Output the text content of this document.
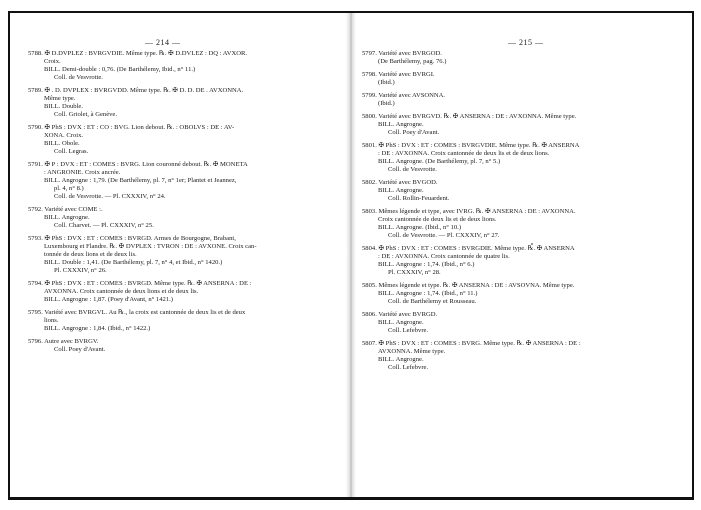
— 214 —	— 215 —
5788. ✠ D.DVPLEZ : BVRGVDIE. Même type. ℞. ✠ D.DVLEZ : DQ : AVXOR.
Croix.
BILL. Demi-double : 0,76. (De Barthélemy, Ibid., n° 11.)
Coll. de Vesvrotte.
5789. ✠ . D. DVPLEX : BVRGVDD. Même type. ℞. ✠ D. D. DE . AVXONNA.
Même type.
BILL. Double.
Coll. Griolet, à Genève.
5790. ✠ PhS : DVX : ET : CO : BVG. Lion debout. ℞. : OBOLVS : DE : AV-
XONA. Croix.
BILL. Obole.
Coll. Legras.
5791. ✠ P : DVX : ET : COMES : BVRG. Lion couronné debout. ℞. ✠ MONETA
: ANGRONIE. Croix ancrée.
BILL. Angrogne : 1,79. (De Barthélemy, pl. 7, n° 1er; Plantet et Jeannez,
pl. 4, n° 8.)
Coll. de Vesvrotte. — Pl. CXXXIV, n° 24.
5792. Variété avec COME :.
BILL. Angrogne.
Coll. Charvet. — Pl. CXXXIV, n° 25.
5793. ✠ PhS : DVX : ET : COMES : BVRGD. Armes de Bourgogne, Brabant,
Luxembourg et Flandre. ℞. ✠ DVPLEX : TVRON : DE : AVXONE. Croix can-
tonnée de deux lions et de deux lis.
BILL. Double : 1,41. (De Barthélemy, pl. 7, n° 4, et Ibid., n° 1420.)
Pl. CXXXIV, n° 26.
5794. ✠ PhS : DVX : ET : COMES : BVRGD. Même type. ℞. ✠ ANSERNA : DE :
AVXONNA. Croix cantonnée de deux lions et de deux lis.
BILL. Angrogne : 1,87. (Poey d'Avant, n° 1421.)
5795. Variété avec BVRGVL. Au ℞., la croix est cantonnée de deux lis et de deux
lions.
BILL. Angrogne : 1,84. (Ibid., n° 1422.)
5796. Autre avec BVRGV.
Coll. Poey d'Avant.
5797. Variété avec BVRGOD.
(De Barthélemy, pag. 76.)
5798. Variété avec BVRGI.
(Ibid.)
5799. Variété avec AVSONNA.
(Ibid.)
5800. Variété avec BVRGVD. ℞. ✠ ANSERNA : DE : AVXONNA. Même type.
BILL. Angrogne.
Coll. Poey d'Avant.
5801. ✠ PhS : DVX : ET : COMES : BVRGVDIE. Même type. ℞. ✠ ANSERNA
: DE : AVXONNA. Croix cantonnée de deux lis et de deux lions.
BILL. Angrogne. (De Barthélemy, pl. 7, n° 5.)
Coll. de Vesvrotte.
5802. Variété avec BVGOD.
BILL. Angrogne.
Coll. Rollin-Feuardent.
5803. Mêmes légende et type, avec IVRG. ℞. ✠ ANSERNA : DE : AVXONNA.
Croix cantonnée de deux lis et de deux lions.
BILL. Angrogne. (Ibid., n° 10.)
Coll. de Vesvrotte. — Pl. CXXXIV, n° 27.
5804. ✠ PhS : DVX : ET : COMES : BVRGDIE. Même type. ℞. ✠ ANSERNA
: DE : AVXONNA. Croix cantonnée de quatre lis.
BILL. Angrogne : 1,74. (Ibid., n° 6.)
Pl. CXXXIV, n° 28.
5805. Mêmes légende et type. ℞. ✠ ANSERNA : DE : AVSOVNA. Même type.
BILL. Angrogne : 1,74. (Ibid., n° 11.)
Coll. de Barthélemy et Rousseau.
5806. Variété avec BVRGD.
BILL. Angrogne.
Coll. Lefebvre.
5807. ✠ PhS : DVX : ET : COMES : BVRG. Même type. ℞. ✠ ANSERNA : DE :
AVXONNA. Même type.
BILL. Angrogne.
Coll. Lefebvre.
